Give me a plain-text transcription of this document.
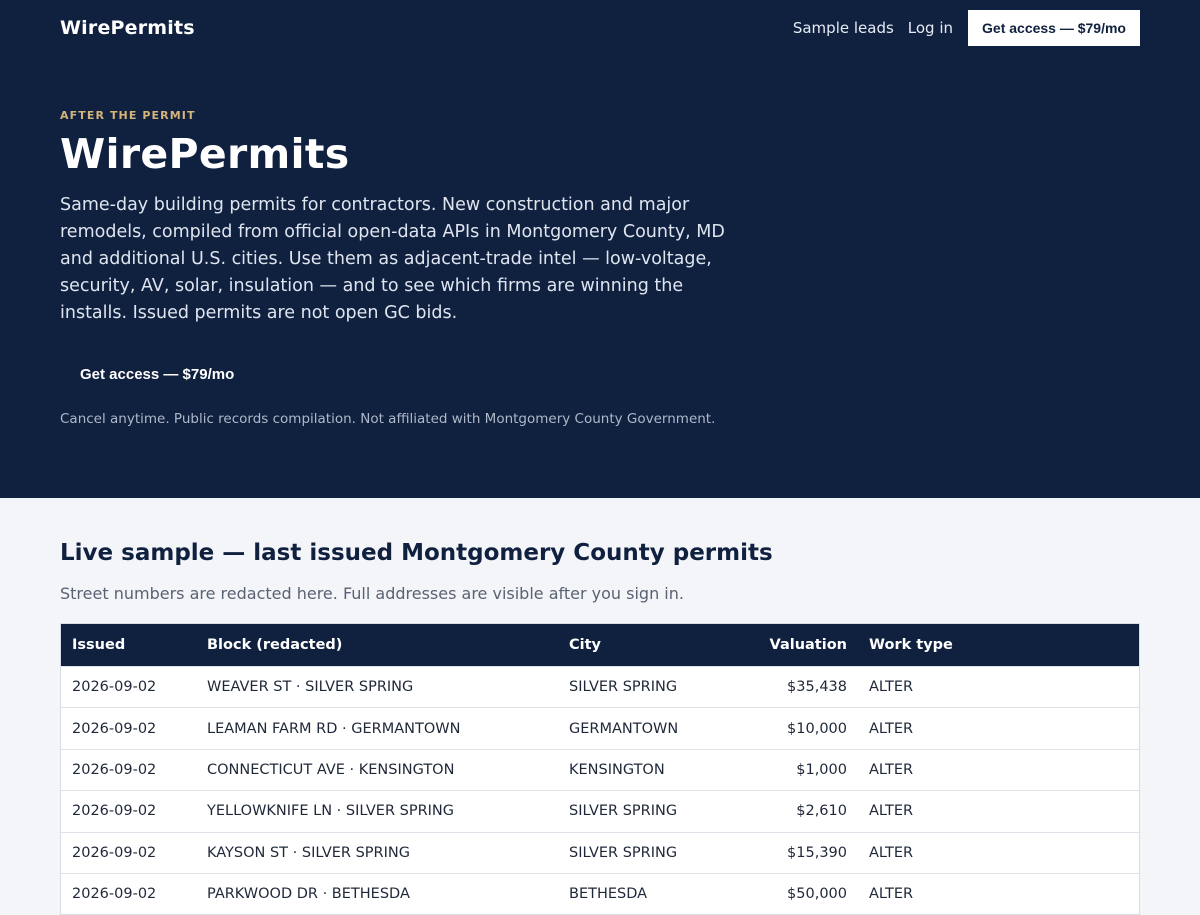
WirePermits	Sample leads Log in	Get access — $79/mo
AFTER THE PERMIT
WirePermits

Same-day building permits for contractors. New construction and major remodels, compiled from official open-data APIs in Montgomery County, MD and additional U.S. cities. Use them as adjacent-trade intel — low-voltage, security, AV, solar, insulation — and to see which firms are winning the installs. Issued permits are not open GC bids.

Get access — $79/mo

Cancel anytime. Public records compilation. Not affiliated with Montgomery County Government.

Live sample — last issued Montgomery County permits

Street numbers are redacted here. Full addresses are visible after you sign in.

Issued	Block (redacted)	City	Valuation	Work type
2026-09-02	WEAVER ST · SILVER SPRING	SILVER SPRING	$35,438	ALTER
2026-09-02	LEAMAN FARM RD · GERMANTOWN	GERMANTOWN	$10,000	ALTER
2026-09-02	CONNECTICUT AVE · KENSINGTON	KENSINGTON	$1,000	ALTER
2026-09-02	YELLOWKNIFE LN · SILVER SPRING	SILVER SPRING	$2,610	ALTER
2026-09-02	KAYSON ST · SILVER SPRING	SILVER SPRING	$15,390	ALTER
2026-09-02	PARKWOOD DR · BETHESDA	BETHESDA	$50,000	ALTER
